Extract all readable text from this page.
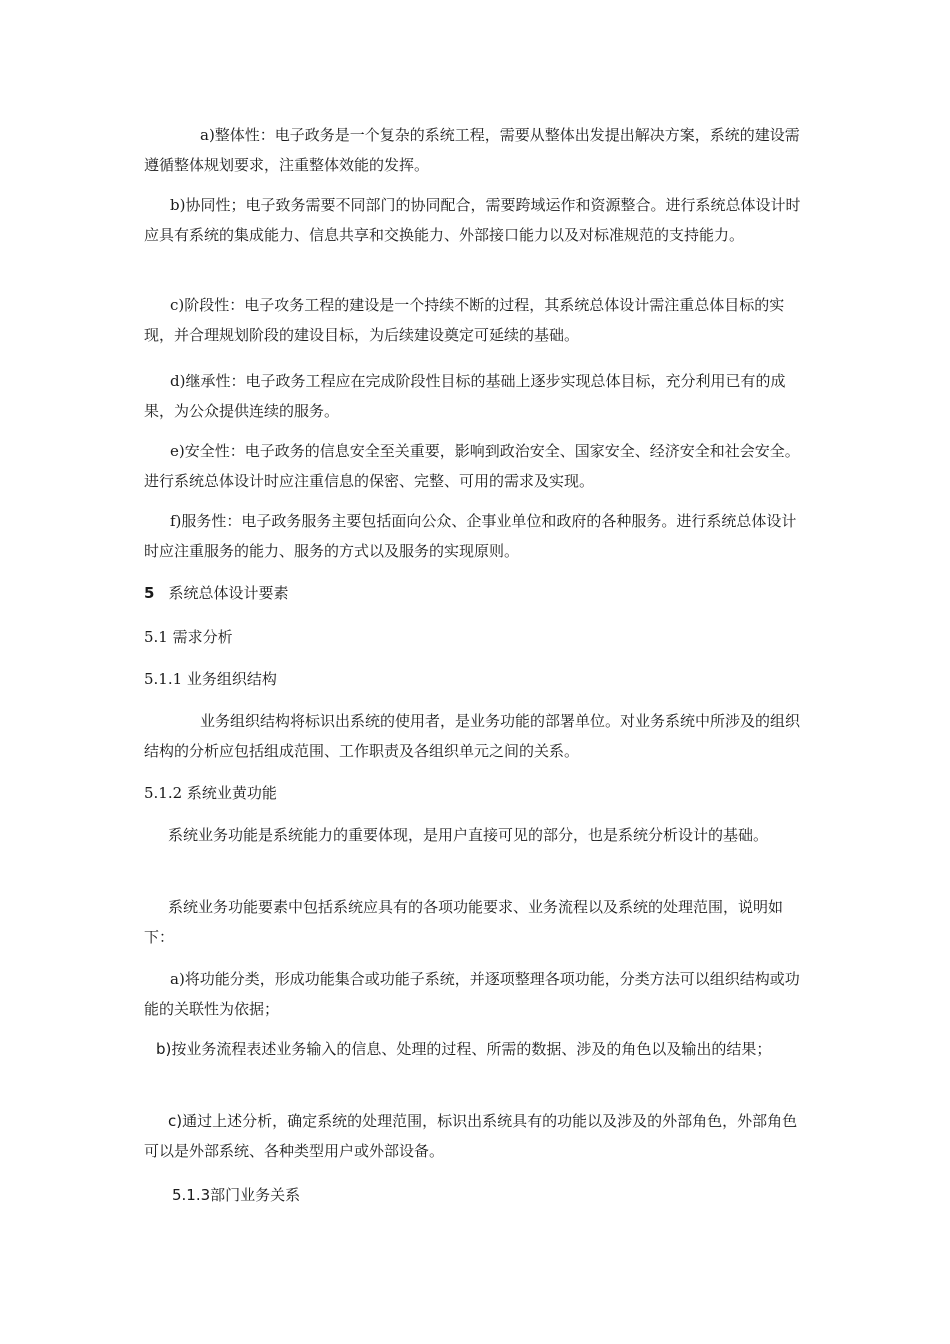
a)整体性：电子政务是一个复杂的系统工程，需要从整体出发提出解决方案，系统的建设需遵循整体规划要求，注重整体效能的发挥。

b)协同性；电子致务需要不同部门的协同配合，需要跨域运作和资源整合。进行系统总体设计时应具有系统的集成能力、信息共享和交换能力、外部接口能力以及对标准规范的支持能力。

c)阶段性：电子攻务工程的建设是一个持续不断的过程，其系统总体设计需注重总体目标的实现，并合理规划阶段的建设目标，为后续建设奠定可延续的基础。

d)继承性：电子政务工程应在完成阶段性目标的基础上逐步实现总体目标，充分利用已有的成果，为公众提供连续的服务。

e)安全性：电子政务的信息安全至关重要，影响到政治安全、国家安全、经济安全和社会安全。进行系统总体设计时应注重信息的保密、完整、可用的需求及实现。

f)服务性：电子政务服务主要包括面向公众、企事业单位和政府的各种服务。进行系统总体设计时应注重服务的能力、服务的方式以及服务的实现原则。

5 系统总体设计要素
5.1 需求分析
5.1.1 业务组织结构

业务组织结构将标识出系统的使用者，是业务功能的部署单位。对业务系统中所涉及的组织结构的分析应包括组成范围、工作职责及各组织单元之间的关系。

5.1.2 系统业黄功能

系统业务功能是系统能力的重要体现，是用户直接可见的部分，也是系统分析设计的基础。

系统业务功能要素中包括系统应具有的各项功能要求、业务流程以及系统的处理范围，说明如下：

a)将功能分类，形成功能集合或功能子系统，并逐项整理各项功能，分类方法可以组织结构或功能的关联性为依据；

b)按业务流程表述业务输入的信息、处理的过程、所需的数据、涉及的角色以及输出的结果；

c)通过上述分析，确定系统的处理范围，标识出系统具有的功能以及涉及的外部角色，外部角色可以是外部系统、各种类型用户或外部设备。

5.1.3部门业务关系
